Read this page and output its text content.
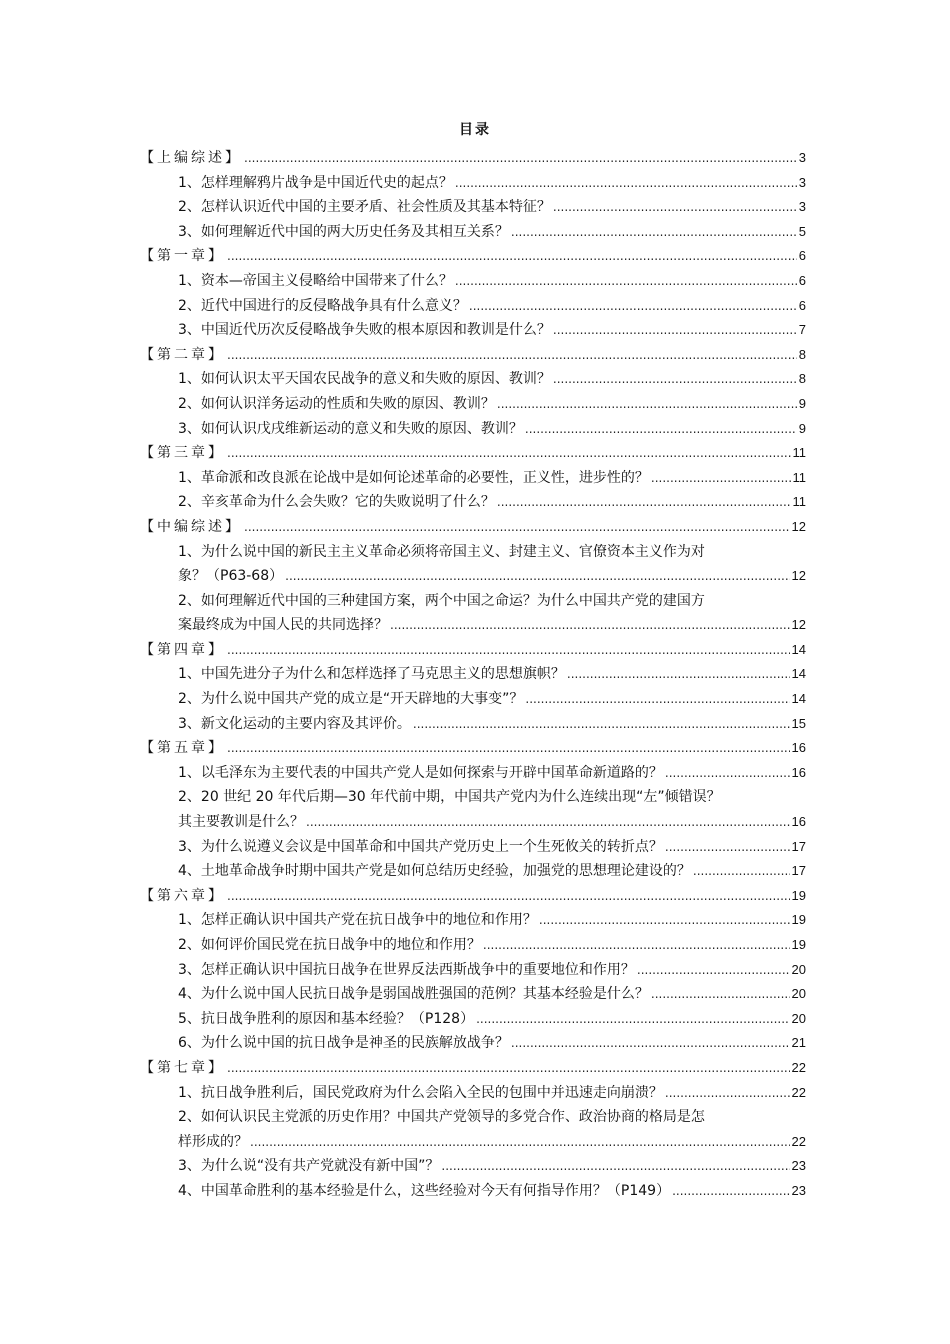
目录
【上编综述】 .....	3
1、怎样理解鸦片战争是中国近代史的起点？ .....	3
2、怎样认识近代中国的主要矛盾、社会性质及其基本特征？ .....	3
3、如何理解近代中国的两大历史任务及其相互关系？ .....	5
【第一章】 .....	6
1、资本—帝国主义侵略给中国带来了什么？ .....	6
2、近代中国进行的反侵略战争具有什么意义？ .....	6
3、中国近代历次反侵略战争失败的根本原因和教训是什么？ .....	7
【第二章】 .....	8
1、如何认识太平天国农民战争的意义和失败的原因、教训？ .....	8
2、如何认识洋务运动的性质和失败的原因、教训？ .....	9
3、如何认识戊戌维新运动的意义和失败的原因、教训？ .....	9
【第三章】 .....	11
1、革命派和改良派在论战中是如何论述革命的必要性，正义性，进步性的？ .....	11
2、辛亥革命为什么会失败？它的失败说明了什么？ .....	11
【中编综述】 .....	12
1、为什么说中国的新民主主义革命必须将帝国主义、封建主义、官僚资本主义作为对
象？（P63-68） .....	12
2、如何理解近代中国的三种建国方案，两个中国之命运？为什么中国共产党的建国方
案最终成为中国人民的共同选择？ .....	12
【第四章】 .....	14
1、中国先进分子为什么和怎样选择了马克思主义的思想旗帜？ .....	14
2、为什么说中国共产党的成立是“开天辟地的大事变”？ .....	14
3、新文化运动的主要内容及其评价。 .....	15
【第五章】 .....	16
1、以毛泽东为主要代表的中国共产党人是如何探索与开辟中国革命新道路的？ .....	16
2、20 世纪 20 年代后期—30 年代前中期，中国共产党内为什么连续出现“左”倾错误？
其主要教训是什么？ .....	16
3、为什么说遵义会议是中国革命和中国共产党历史上一个生死攸关的转折点？ .....	17
4、土地革命战争时期中国共产党是如何总结历史经验，加强党的思想理论建设的？ .....	17
【第六章】 .....	19
1、怎样正确认识中国共产党在抗日战争中的地位和作用？ .....	19
2、如何评价国民党在抗日战争中的地位和作用？ .....	19
3、怎样正确认识中国抗日战争在世界反法西斯战争中的重要地位和作用？ .....	20
4、为什么说中国人民抗日战争是弱国战胜强国的范例？其基本经验是什么？ .....	20
5、抗日战争胜利的原因和基本经验？（P128） .....	20
6、为什么说中国的抗日战争是神圣的民族解放战争？ .....	21
【第七章】 .....	22
1、抗日战争胜利后，国民党政府为什么会陷入全民的包围中并迅速走向崩溃？ .....	22
2、如何认识民主党派的历史作用？中国共产党领导的多党合作、政治协商的格局是怎
样形成的？ .....	22
3、为什么说“没有共产党就没有新中国”？ .....	23
4、中国革命胜利的基本经验是什么，这些经验对今天有何指导作用？（P149） .....	23
